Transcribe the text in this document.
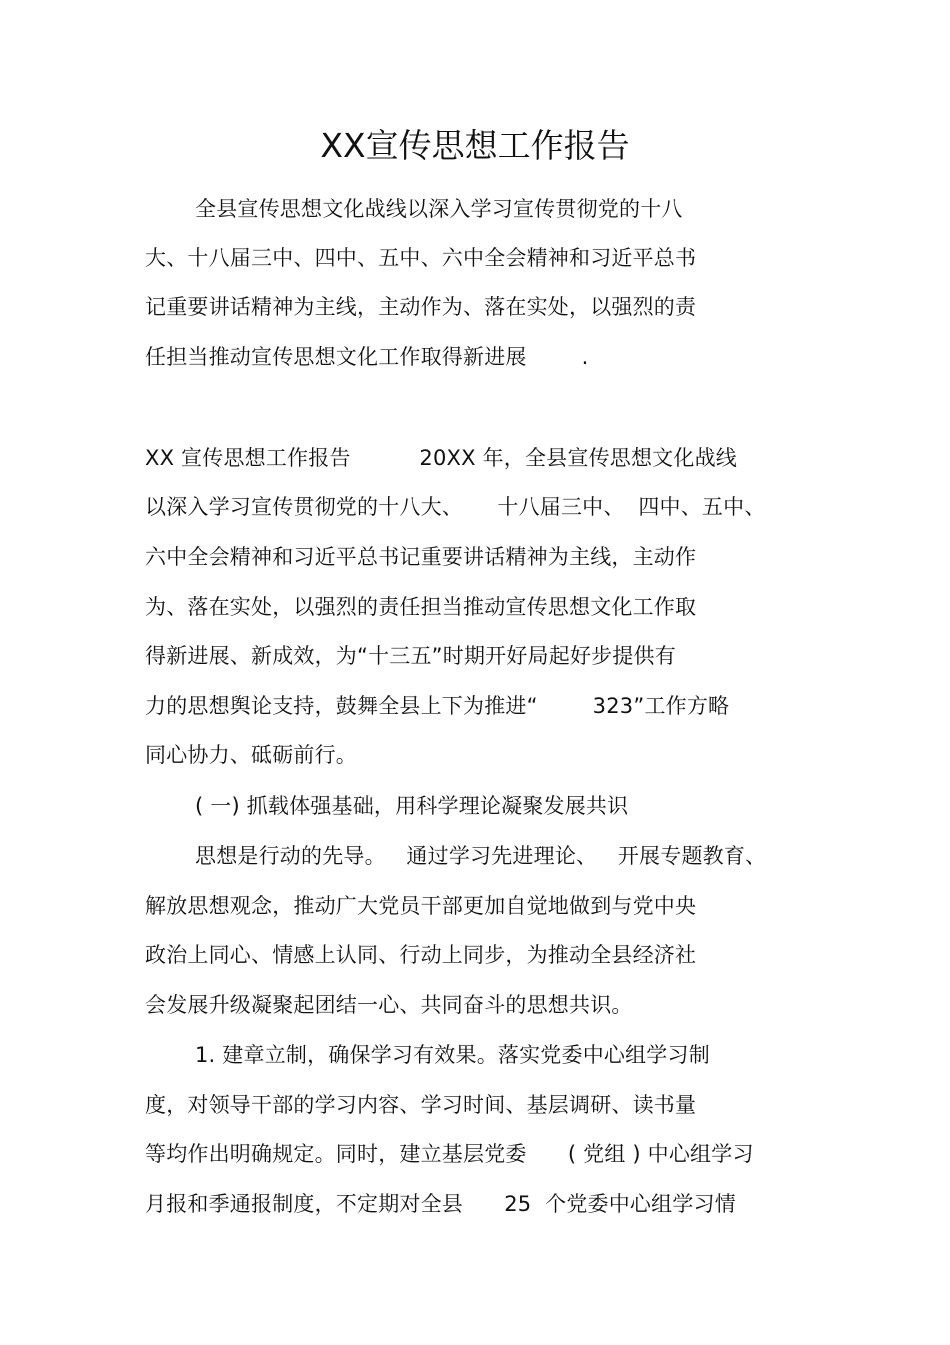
XX宣传思想工作报告
全县宣传思想文化战线以深入学习宣传贯彻党的十八
大、十八届三中、四中、五中、六中全会精神和习近平总书
记重要讲话精神为主线，主动作为、落在实处，以强烈的责
任担当推动宣传思想文化工作取得新进展        .
XX 宣传思想工作报告          20XX 年，全县宣传思想文化战线
以深入学习宣传贯彻党的十八大、     十八届三中、  四中、五中、
六中全会精神和习近平总书记重要讲话精神为主线，主动作
为、落在实处，以强烈的责任担当推动宣传思想文化工作取
得新进展、新成效，为“十三五”时期开好局起好步提供有
力的思想舆论支持，鼓舞全县上下为推进“        323”工作方略
同心协力、砥砺前行。
( 一) 抓载体强基础，用科学理论凝聚发展共识
思想是行动的先导。   通过学习先进理论、   开展专题教育、
解放思想观念，推动广大党员干部更加自觉地做到与党中央
政治上同心、情感上认同、行动上同步，为推动全县经济社
会发展升级凝聚起团结一心、共同奋斗的思想共识。
1. 建章立制，确保学习有效果。落实党委中心组学习制
度，对领导干部的学习内容、学习时间、基层调研、读书量
等均作出明确规定。同时，建立基层党委      ( 党组 ) 中心组学习
月报和季通报制度，不定期对全县      25  个党委中心组学习情
